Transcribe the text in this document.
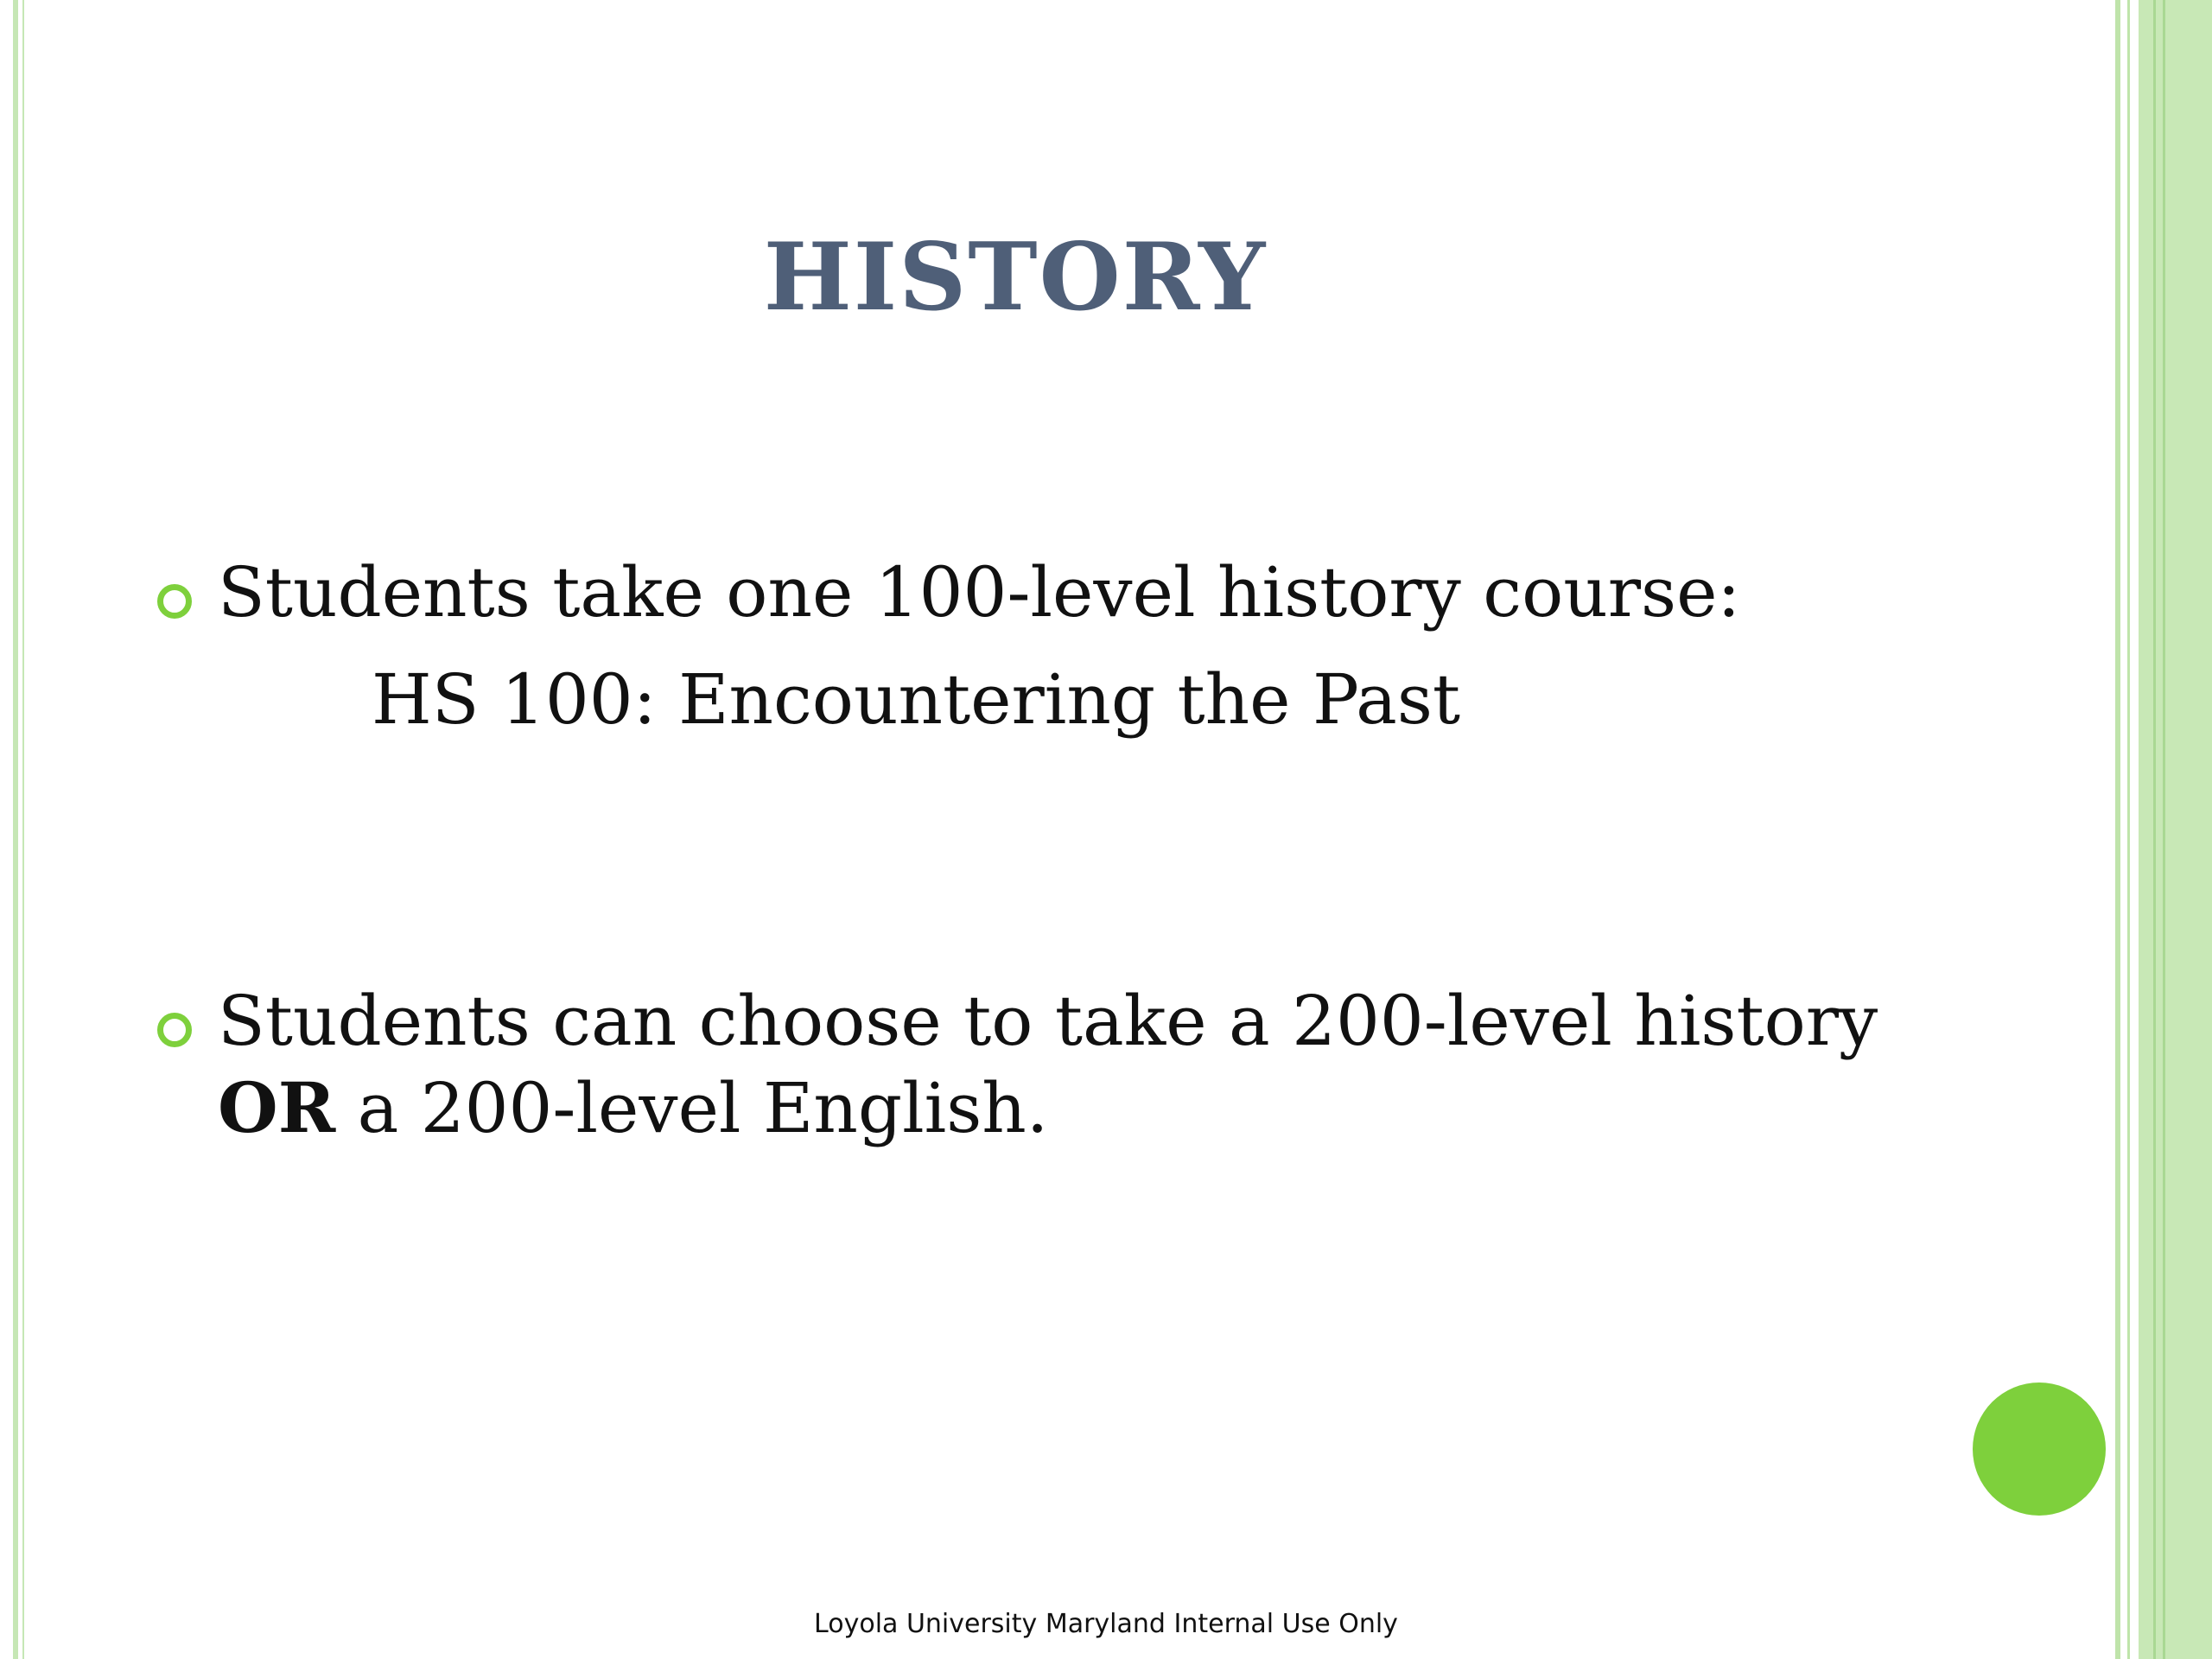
HISTORY

Students take one 100-level history course:

HS 100: Encountering the Past

Students can choose to take a 200-level history

OR a 200-level English.

Loyola University Maryland Internal Use Only
